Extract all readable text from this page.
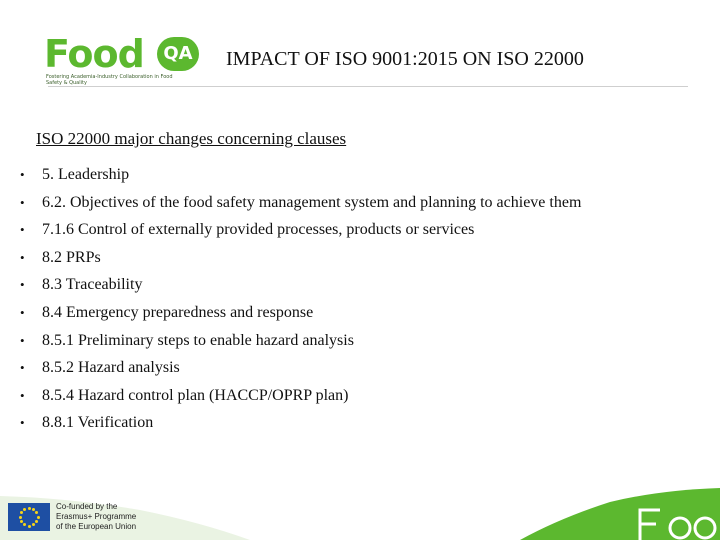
Food	QA
Fostering Academia-Industry Collaboration in Food Safety & Quality
IMPACT OF ISO 9001:2015 ON ISO 22000
ISO 22000 major changes concerning clauses
•	5. Leadership
•	6.2. Objectives of the food safety management system and planning to achieve them
•	7.1.6 Control of externally provided processes, products or services
•	8.2 PRPs
•	8.3 Traceability
•	8.4 Emergency preparedness and response
•	8.5.1 Preliminary steps to enable hazard analysis
•	8.5.2 Hazard analysis
•	8.5.4 Hazard control plan (HACCP/OPRP plan)
•	8.8.1 Verification
Co-funded by the
Erasmus+ Programme
of the European Union
